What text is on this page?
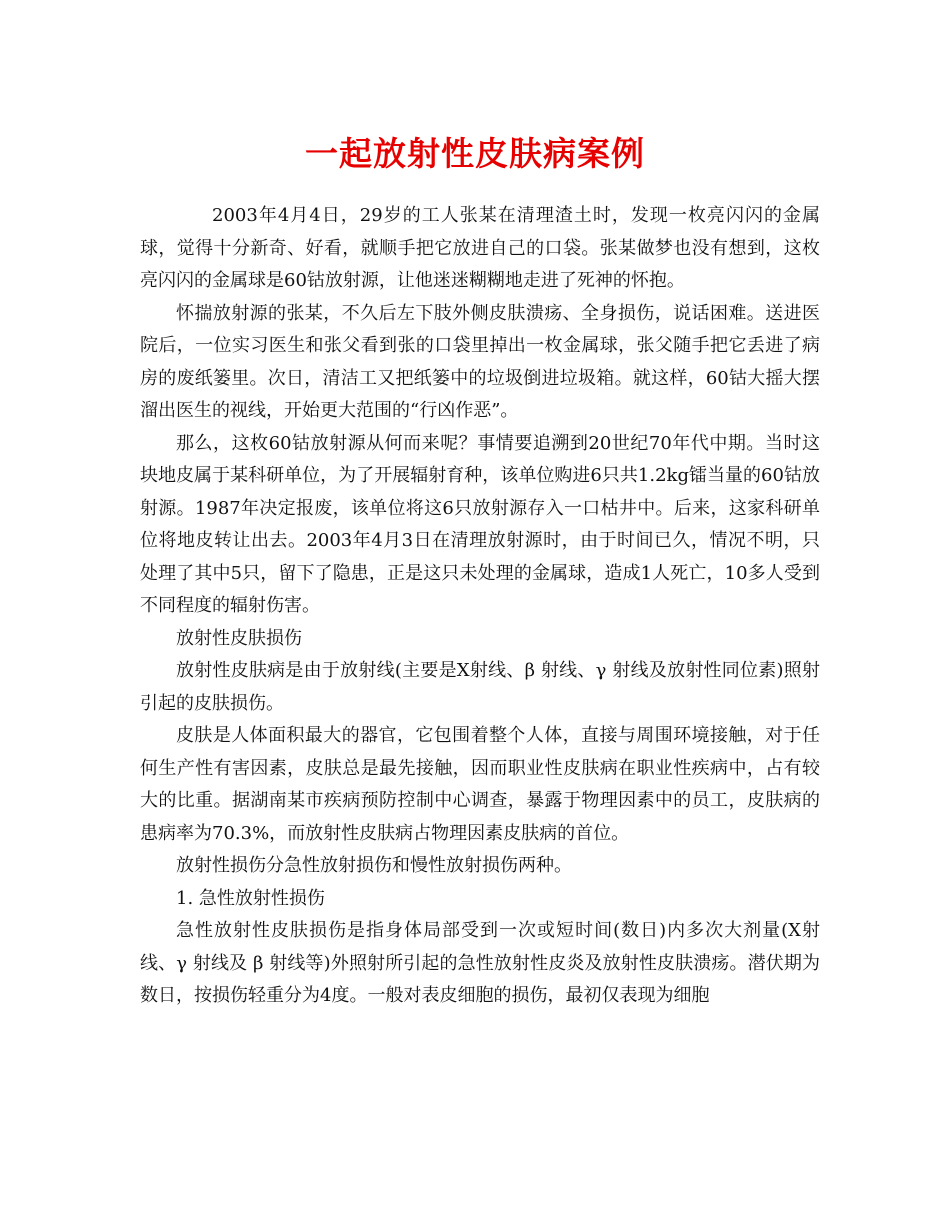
一起放射性皮肤病案例

2003年4月4日，29岁的工人张某在清理渣土时，发现一枚亮闪闪的金属球，觉得十分新奇、好看，就顺手把它放进自己的口袋。张某做梦也没有想到，这枚亮闪闪的金属球是60钴放射源，让他迷迷糊糊地走进了死神的怀抱。

怀揣放射源的张某，不久后左下肢外侧皮肤溃疡、全身损伤，说话困难。送进医院后，一位实习医生和张父看到张的口袋里掉出一枚金属球，张父随手把它丢进了病房的废纸篓里。次日，清洁工又把纸篓中的垃圾倒进垃圾箱。就这样，60钴大摇大摆溜出医生的视线，开始更大范围的“行凶作恶”。

那么，这枚60钴放射源从何而来呢？事情要追溯到20世纪70年代中期。当时这块地皮属于某科研单位，为了开展辐射育种，该单位购进6只共1.2kg镭当量的60钴放射源。1987年决定报废，该单位将这6只放射源存入一口枯井中。后来，这家科研单位将地皮转让出去。2003年4月3日在清理放射源时，由于时间已久，情况不明，只处理了其中5只，留下了隐患，正是这只未处理的金属球，造成1人死亡，10多人受到不同程度的辐射伤害。

放射性皮肤损伤

放射性皮肤病是由于放射线(主要是X射线、β 射线、γ 射线及放射性同位素)照射引起的皮肤损伤。

皮肤是人体面积最大的器官，它包围着整个人体，直接与周围环境接触，对于任何生产性有害因素，皮肤总是最先接触，因而职业性皮肤病在职业性疾病中，占有较大的比重。据湖南某市疾病预防控制中心调查，暴露于物理因素中的员工，皮肤病的患病率为70.3%，而放射性皮肤病占物理因素皮肤病的首位。

放射性损伤分急性放射损伤和慢性放射损伤两种。

1. 急性放射性损伤

急性放射性皮肤损伤是指身体局部受到一次或短时间(数日)内多次大剂量(X射线、γ 射线及 β 射线等)外照射所引起的急性放射性皮炎及放射性皮肤溃疡。潜伏期为数日，按损伤轻重分为4度。一般对表皮细胞的损伤，最初仅表现为细胞
